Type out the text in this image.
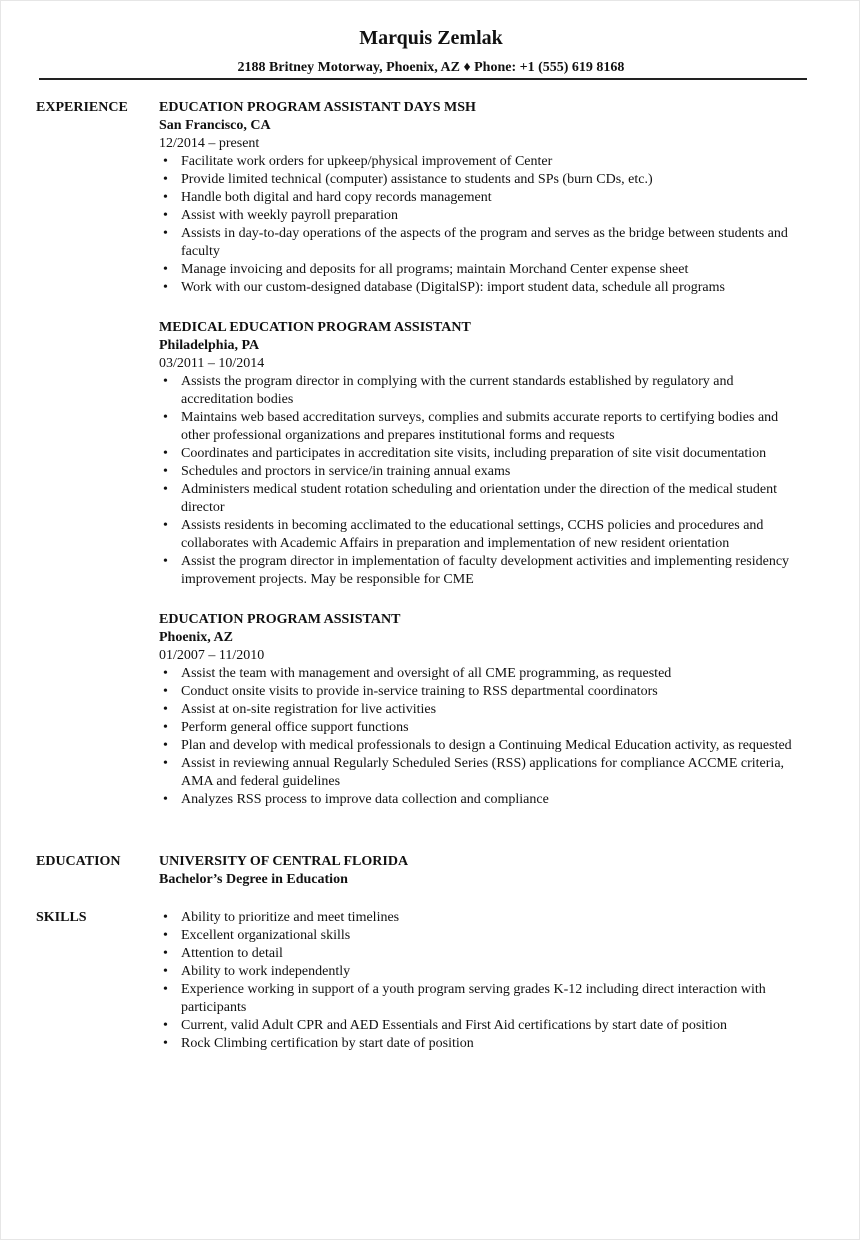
Marquis Zemlak
2188 Britney Motorway, Phoenix, AZ ♦ Phone: +1 (555) 619 8168
EXPERIENCE EDUCATION PROGRAM ASSISTANT DAYS MSH
San Francisco, CA
12/2014 – present
• Facilitate work orders for upkeep/physical improvement of Center
• Provide limited technical (computer) assistance to students and SPs (burn CDs, etc.)
• Handle both digital and hard copy records management
• Assist with weekly payroll preparation
• Assists in day-to-day operations of the aspects of the program and serves as the bridge between students and faculty
• Manage invoicing and deposits for all programs; maintain Morchand Center expense sheet
• Work with our custom-designed database (DigitalSP): import student data, schedule all programs
MEDICAL EDUCATION PROGRAM ASSISTANT
Philadelphia, PA
03/2011 – 10/2014
• Assists the program director in complying with the current standards established by regulatory and accreditation bodies
• Maintains web based accreditation surveys, complies and submits accurate reports to certifying bodies and other professional organizations and prepares institutional forms and requests
• Coordinates and participates in accreditation site visits, including preparation of site visit documentation
• Schedules and proctors in service/in training annual exams
• Administers medical student rotation scheduling and orientation under the direction of the medical student director
• Assists residents in becoming acclimated to the educational settings, CCHS policies and procedures and collaborates with Academic Affairs in preparation and implementation of new resident orientation
• Assist the program director in implementation of faculty development activities and implementing residency improvement projects. May be responsible for CME
EDUCATION PROGRAM ASSISTANT
Phoenix, AZ
01/2007 – 11/2010
• Assist the team with management and oversight of all CME programming, as requested
• Conduct onsite visits to provide in-service training to RSS departmental coordinators
• Assist at on-site registration for live activities
• Perform general office support functions
• Plan and develop with medical professionals to design a Continuing Medical Education activity, as requested
• Assist in reviewing annual Regularly Scheduled Series (RSS) applications for compliance ACCME criteria, AMA and federal guidelines
• Analyzes RSS process to improve data collection and compliance
EDUCATION	UNIVERSITY OF CENTRAL FLORIDA
Bachelor’s Degree in Education
SKILLS
•	Ability to prioritize and meet timelines
• Excellent organizational skills
• Attention to detail
• Ability to work independently
• Experience working in support of a youth program serving grades K-12 including direct interaction with participants
• Current, valid Adult CPR and AED Essentials and First Aid certifications by start date of position
• Rock Climbing certification by start date of position
